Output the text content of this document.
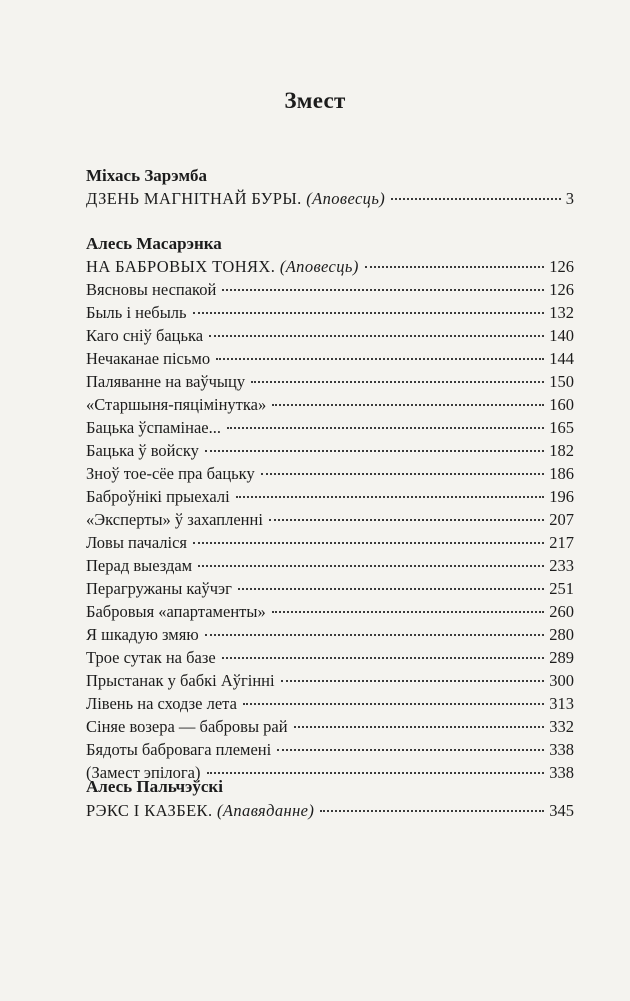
Змест
Міхась Зарэмба
ДЗЕНЬ МАГНІТНАЙ БУРЫ. (Аповесць)	3
Алесь Масарэнка
НА БАБРОВЫХ ТОНЯХ. (Аповесць)	126
Вясновы неспакой	126
Быль і небыль	132
Каго сніў бацька	140
Нечаканае пісьмо	144
Паляванне на ваўчыцу	150
«Старшыня-пяцімінутка»	160
Бацька ўспамінае...	165
Бацька ў войску	182
Зноў тое-сёе пра бацьку	186
Бабpоўнікі прыехалі	196
«Эксперты» ў захапленні	207
Ловы пачаліся	217
Перад выездам	233
Перагружаны каўчэг	251
Бабровыя «апартаменты»	260
Я шкадую змяю	280
Трое сутак на базе	289
Прыстанак у бабкі Аўгінні	300
Лівень на сходзе лета	313
Сіняе возера — бабровы рай	332
Бядоты бабровага племені	338
(Замест эпілога)	338
Алесь Пальчэўскі
РЭКС І КАЗБЕК. (Апавяданне)	345
